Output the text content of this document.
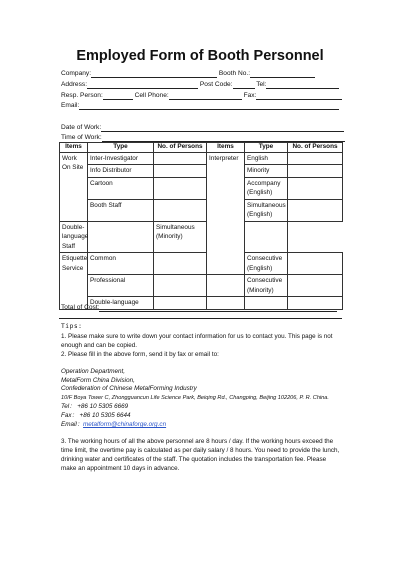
Employed Form of Booth Personnel
Company:	Booth No.:
Address:	Post Code:	Tel:
Resp. Person:	Cell Phone:	Fax:
Email:
Date of Work:
Time of Work:
Items	Type	No. of Persons	Items	Type	No. of Persons
Work On Site	Inter-Investigator		Interpreter	English	
	Info Distributor			Minority	
	Cartoon			Accompany (English)	
				Simultaneous (English)	
	Booth Staff				
Double-language Staff		Simultaneous (Minority)			
Etiquette Service	Common			Consecutive (English)	
	Professional			Consecutive (Minority)	
	Double-language				
Total of Cost:

Tips:

1. Please make sure to write down your contact information for us to contact you. This page is not enough and can be copied.

2. Please fill in the above form, send it by fax or email to:

Operation Department,

MetalForm China Division,

Confederation of Chinese MetalForming Industry

10/F Boya Tower C, Zhongguancun Life Science Park, Beiqing Rd., Changping, Beijing 102206, P. R. China.

Tel： +86 10 5305 6669

Fax： +86 10 5305 6644

Email：metalform@chinaforge.org.cn

3. The working hours of all the above personnel are 8 hours / day. If the working hours exceed the time limit, the overtime pay is calculated as per daily salary / 8 hours. You need to provide the lunch, drinking water and certificates of the staff. The quotation includes the transportation fee. Please make an appointment 10 days in advance.
